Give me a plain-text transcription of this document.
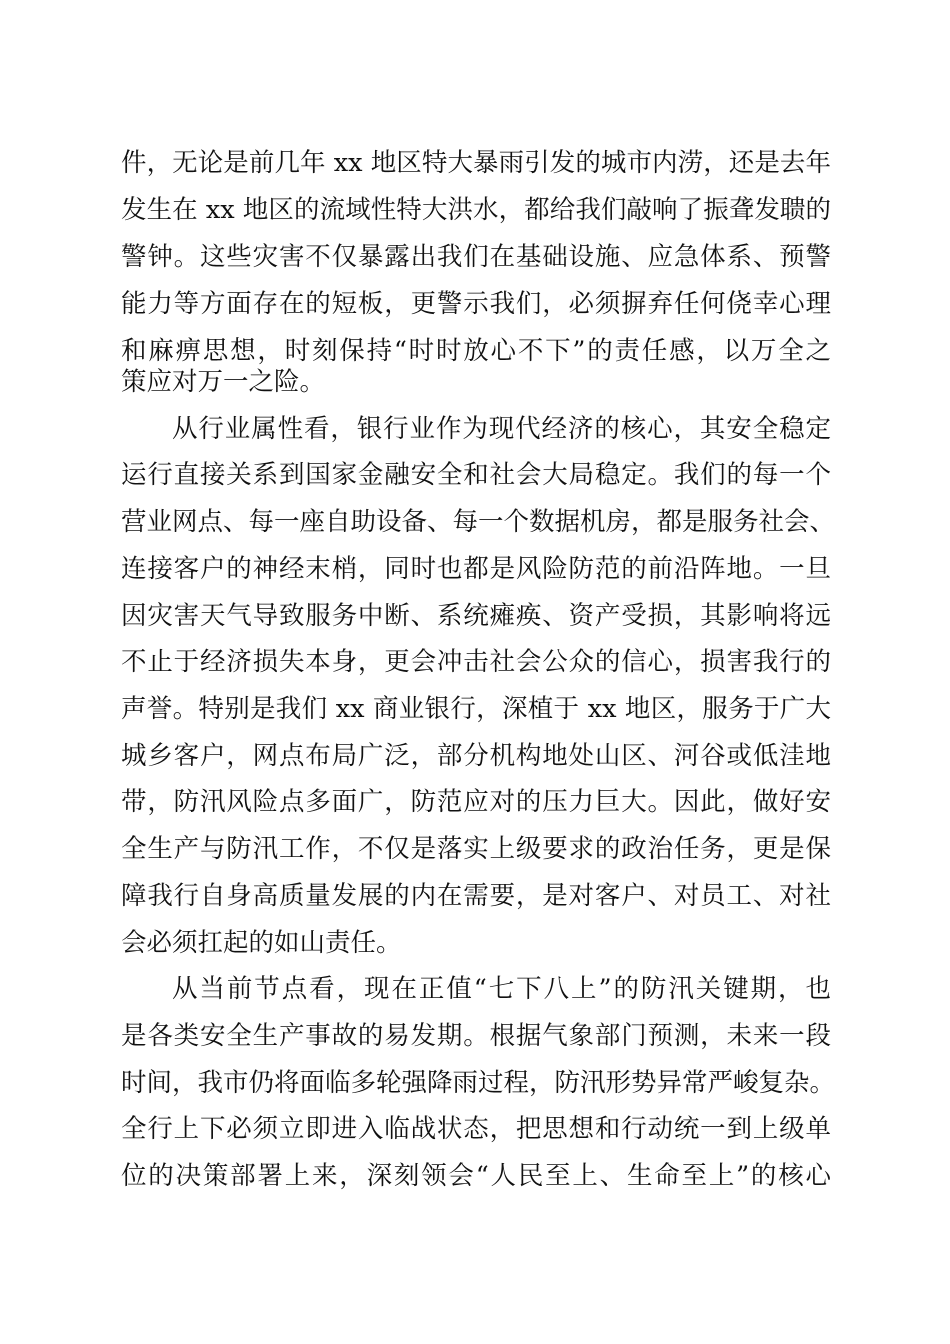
件，无论是前几年 xx 地区特大暴雨引发的城市内涝，还是去年
发生在 xx 地区的流域性特大洪水，都给我们敲响了振聋发聩的
警钟。这些灾害不仅暴露出我们在基础设施、应急体系、预警
能力等方面存在的短板，更警示我们，必须摒弃任何侥幸心理
和麻痹思想，时刻保持“时时放心不下”的责任感，以万全之
策应对万一之险。
从行业属性看，银行业作为现代经济的核心，其安全稳定
运行直接关系到国家金融安全和社会大局稳定。我们的每一个
营业网点、每一座自助设备、每一个数据机房，都是服务社会、
连接客户的神经末梢，同时也都是风险防范的前沿阵地。一旦
因灾害天气导致服务中断、系统瘫痪、资产受损，其影响将远
不止于经济损失本身，更会冲击社会公众的信心，损害我行的
声誉。特别是我们 xx 商业银行，深植于 xx 地区，服务于广大
城乡客户，网点布局广泛，部分机构地处山区、河谷或低洼地
带，防汛风险点多面广，防范应对的压力巨大。因此，做好安
全生产与防汛工作，不仅是落实上级要求的政治任务，更是保
障我行自身高质量发展的内在需要，是对客户、对员工、对社
会必须扛起的如山责任。
从当前节点看，现在正值“七下八上”的防汛关键期，也
是各类安全生产事故的易发期。根据气象部门预测，未来一段
时间，我市仍将面临多轮强降雨过程，防汛形势异常严峻复杂。
全行上下必须立即进入临战状态，把思想和行动统一到上级单
位的决策部署上来，深刻领会“人民至上、生命至上”的核心
